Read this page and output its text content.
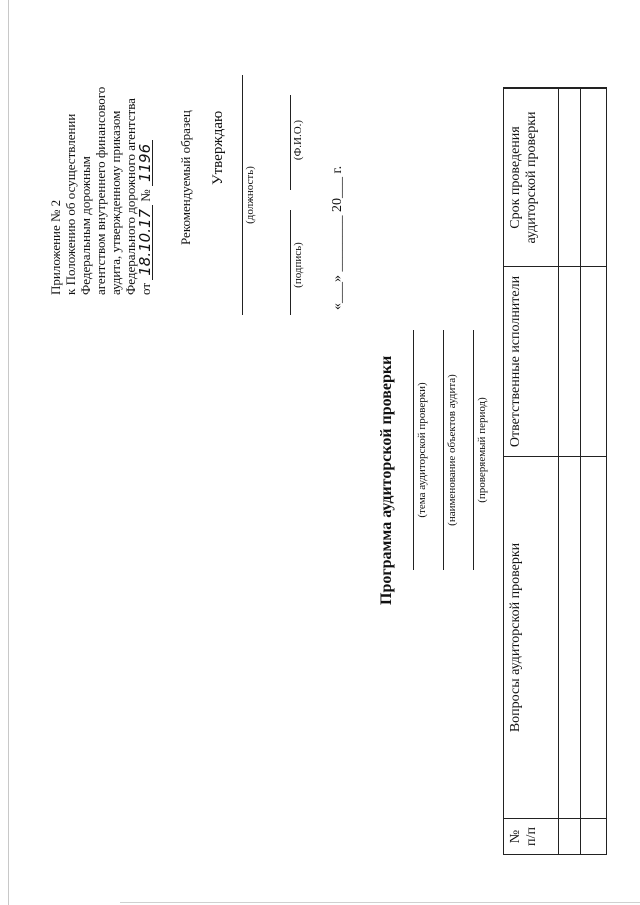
Приложение № 2 к Положению об осуществлении Федеральным дорожным агентством внутреннего финансового аудита, утвержденному приказом Федерального дорожного агентства от 18.10.17 № 1196 Рекомендуемый образец Утверждаю
(должность)
(подпись)
(Ф.И.О.)
«___» ________ 20___ г.
Программа аудиторской проверки (тема аудиторской проверки) (наименование объектов аудита) (проверяемый период)
№ п/п
Вопросы аудиторской проверки
Ответственные исполнители
Срок проведения аудиторской проверки
